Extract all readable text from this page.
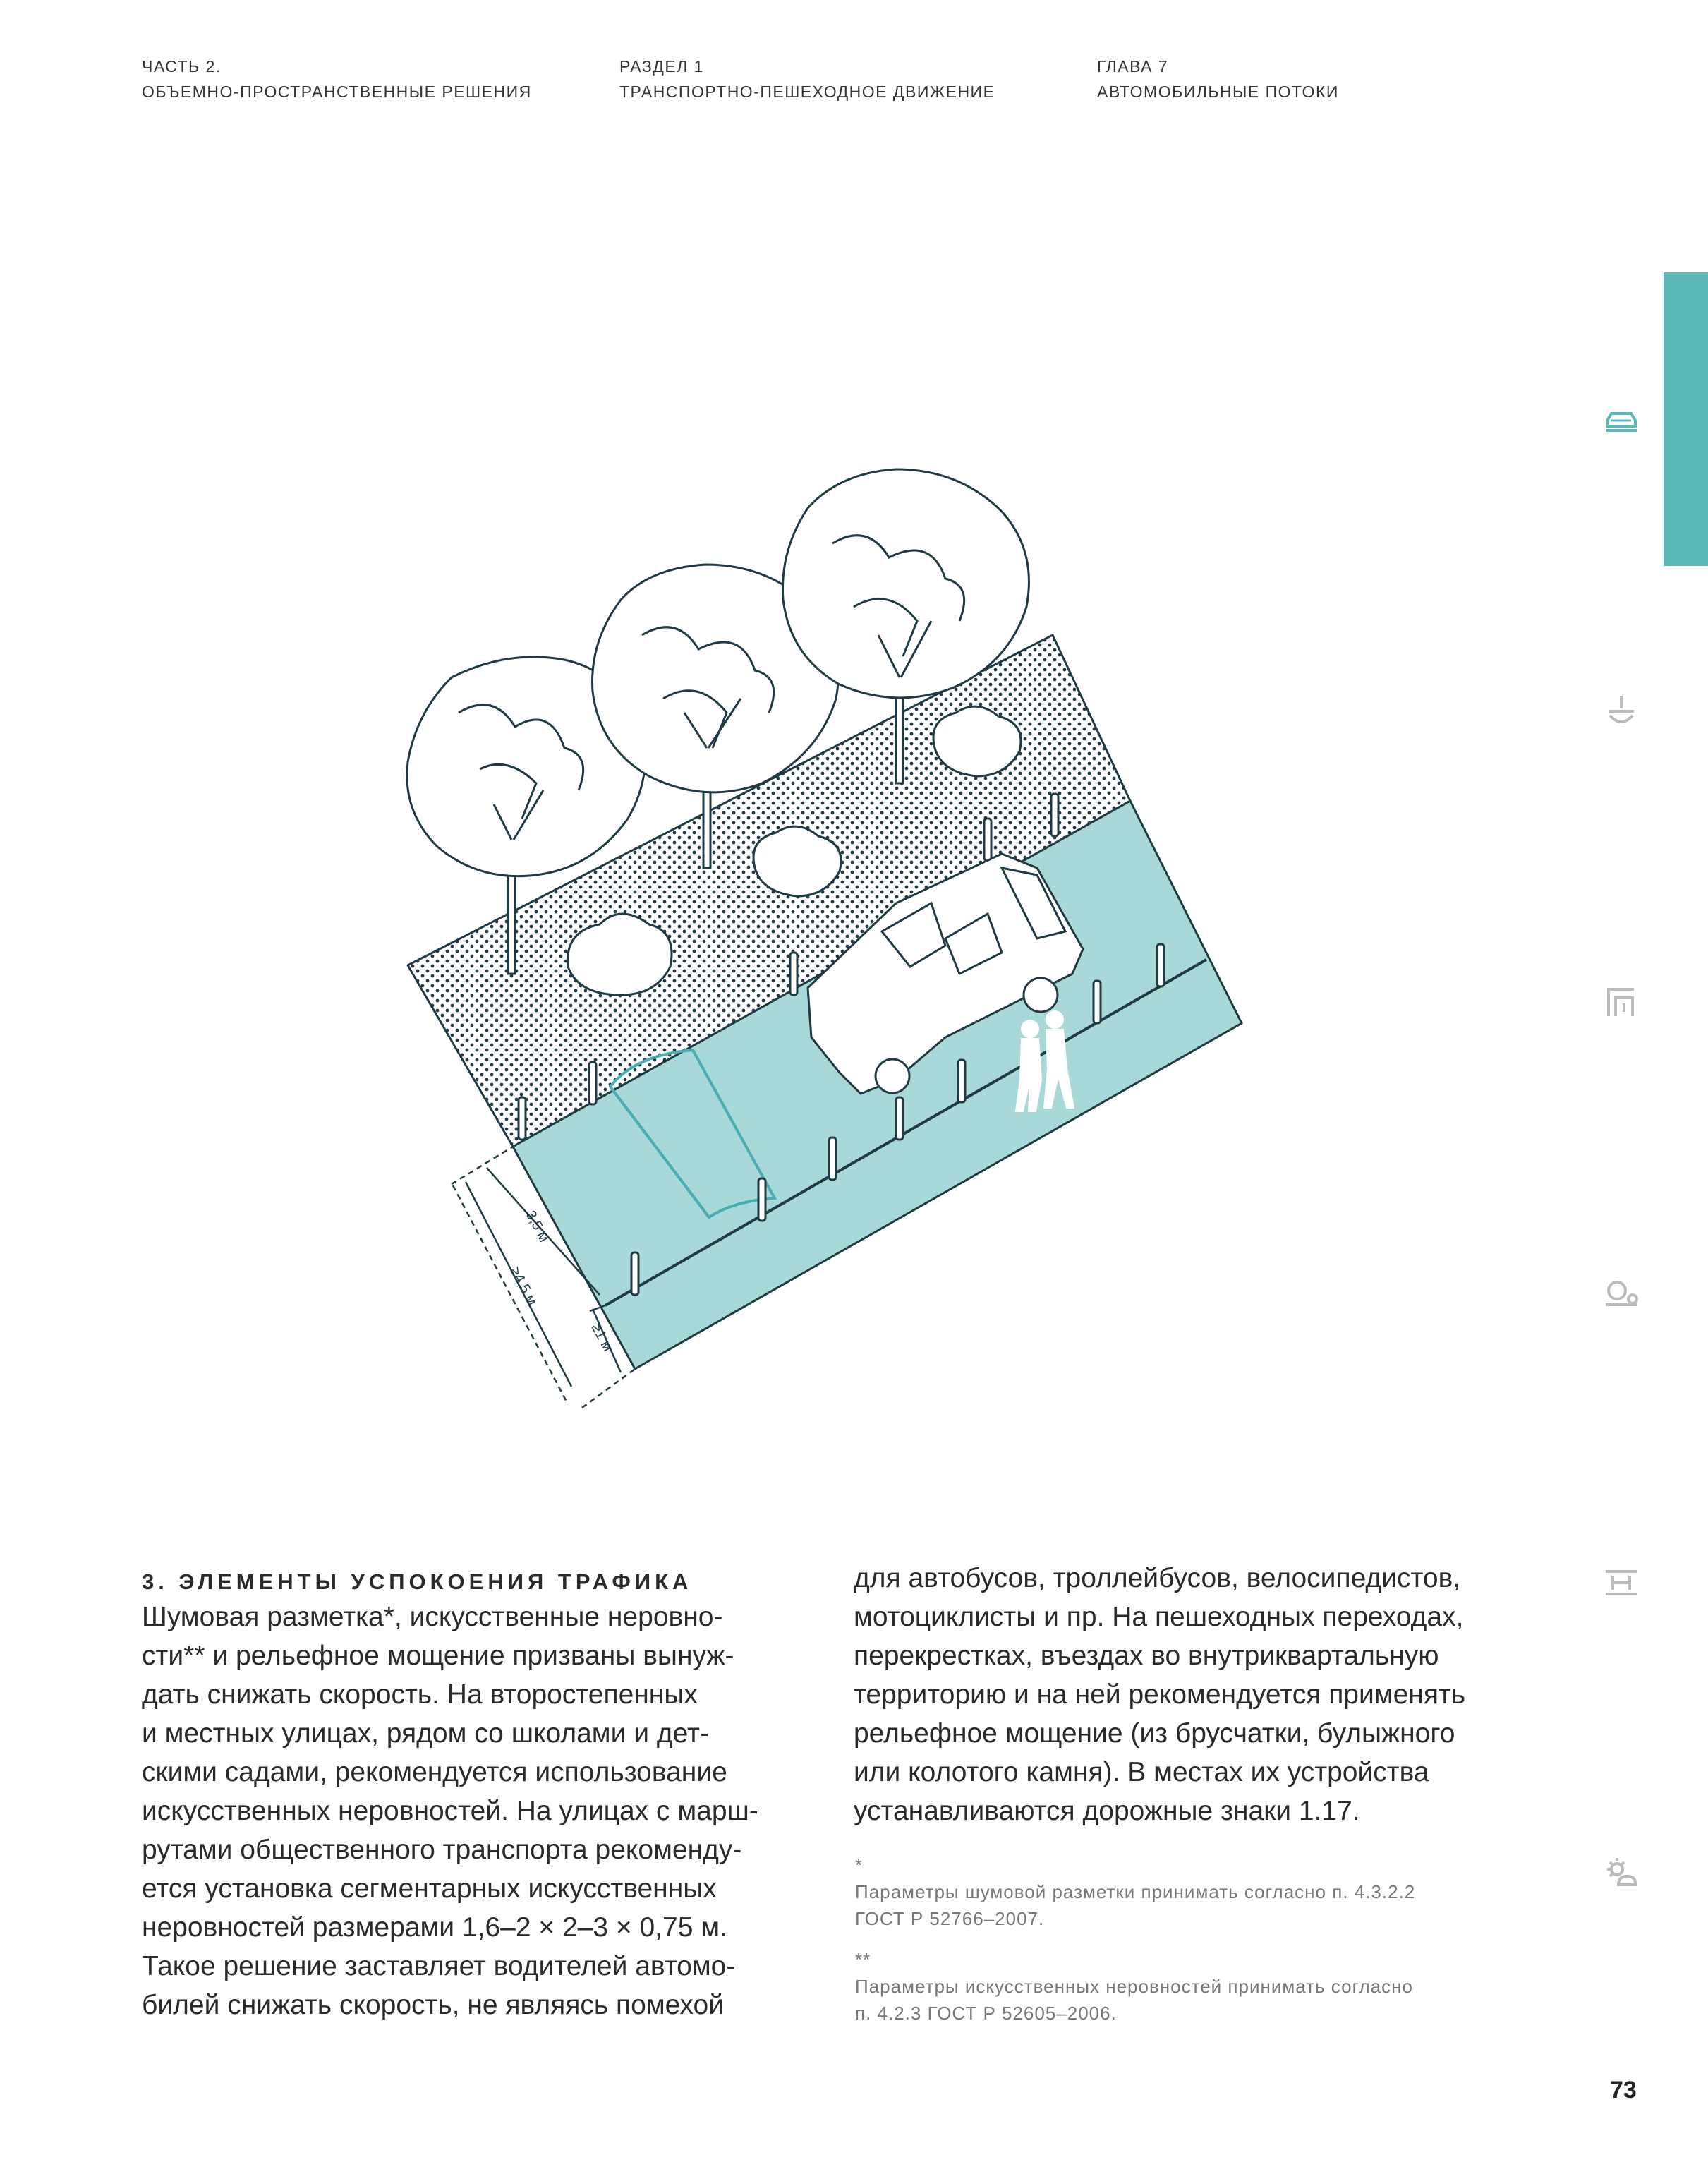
ЧАСТЬ 2.
ОБЪЕМНО-ПРОСТРАНСТВЕННЫЕ РЕШЕНИЯ
РАЗДЕЛ 1
ТРАНСПОРТНО-ПЕШЕХОДНОЕ ДВИЖЕНИЕ
ГЛАВА 7
АВТОМОБИЛЬНЫЕ ПОТОКИ
3,5 м
≥4,5 м
≥1 м
3. ЭЛЕМЕНТЫ УСПОКОЕНИЯ ТРАФИКА
Шумовая разметка*, искусственные неровно-
сти** и рельефное мощение призваны вынуж-
дать снижать скорость. На второстепенных
и местных улицах, рядом со школами и дет-
скими садами, рекомендуется использование
искусственных неровностей. На улицах с марш-
рутами общественного транспорта рекоменду-
ется установка сегментарных искусственных
неровностей размерами 1,6–2 × 2–3 × 0,75 м.
Такое решение заставляет водителей автомо-
билей снижать скорость, не являясь помехой
для автобусов, троллейбусов, велосипедистов,
мотоциклисты и пр. На пешеходных переходах,
перекрестках, въездах во внутриквартальную
территорию и на ней рекомендуется применять
рельефное мощение (из брусчатки, булыжного
или колотого камня). В местах их устройства
устанавливаются дорожные знаки 1.17.
*
Параметры шумовой разметки принимать согласно п. 4.3.2.2
ГОСТ Р 52766–2007.
**
Параметры искусственных неровностей принимать согласно
п. 4.2.3 ГОСТ Р 52605–2006.
73
